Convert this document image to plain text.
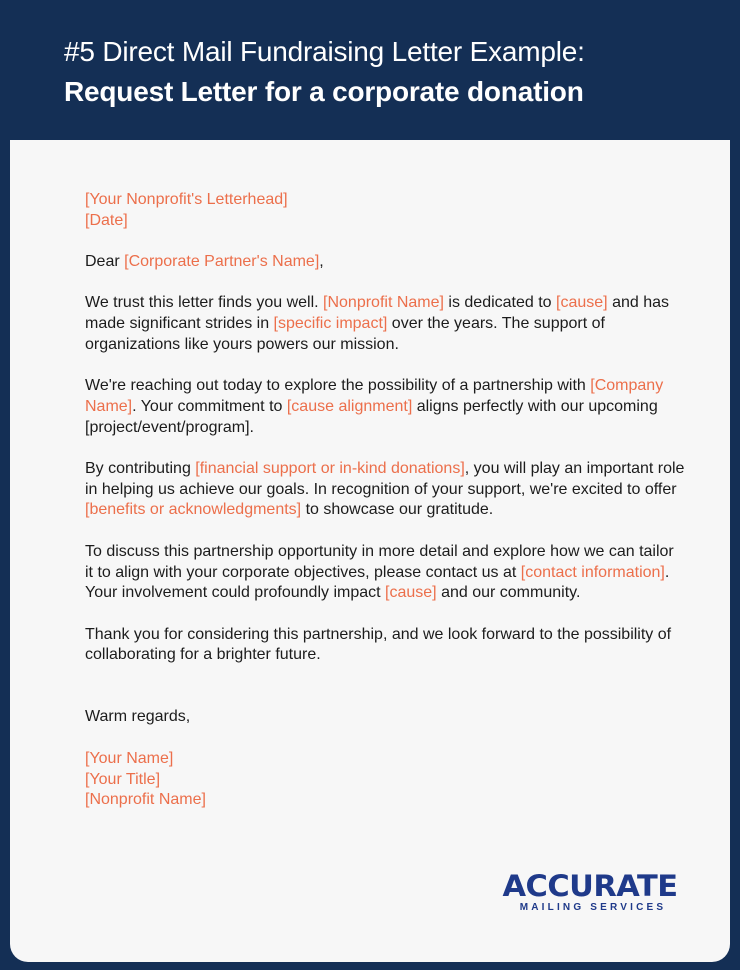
#5 Direct Mail Fundraising Letter Example:
Request Letter for a corporate donation

[Your Nonprofit's Letterhead]
[Date]

Dear [Corporate Partner's Name],

We trust this letter finds you well. [Nonprofit Name] is dedicated to [cause] and has made significant strides in [specific impact] over the years. The support of organizations like yours powers our mission.

We're reaching out today to explore the possibility of a partnership with [Company Name]. Your commitment to [cause alignment] aligns perfectly with our upcoming [project/event/program].

By contributing [financial support or in-kind donations], you will play an important role in helping us achieve our goals. In recognition of your support, we're excited to offer [benefits or acknowledgments] to showcase our gratitude.

To discuss this partnership opportunity in more detail and explore how we can tailor it to align with your corporate objectives, please contact us at [contact information]. Your involvement could profoundly impact [cause] and our community.

Thank you for considering this partnership, and we look forward to the possibility of collaborating for a brighter future.

Warm regards,

[Your Name]
[Your Title]
[Nonprofit Name]

ACCURATE
MAILING SERVICES
